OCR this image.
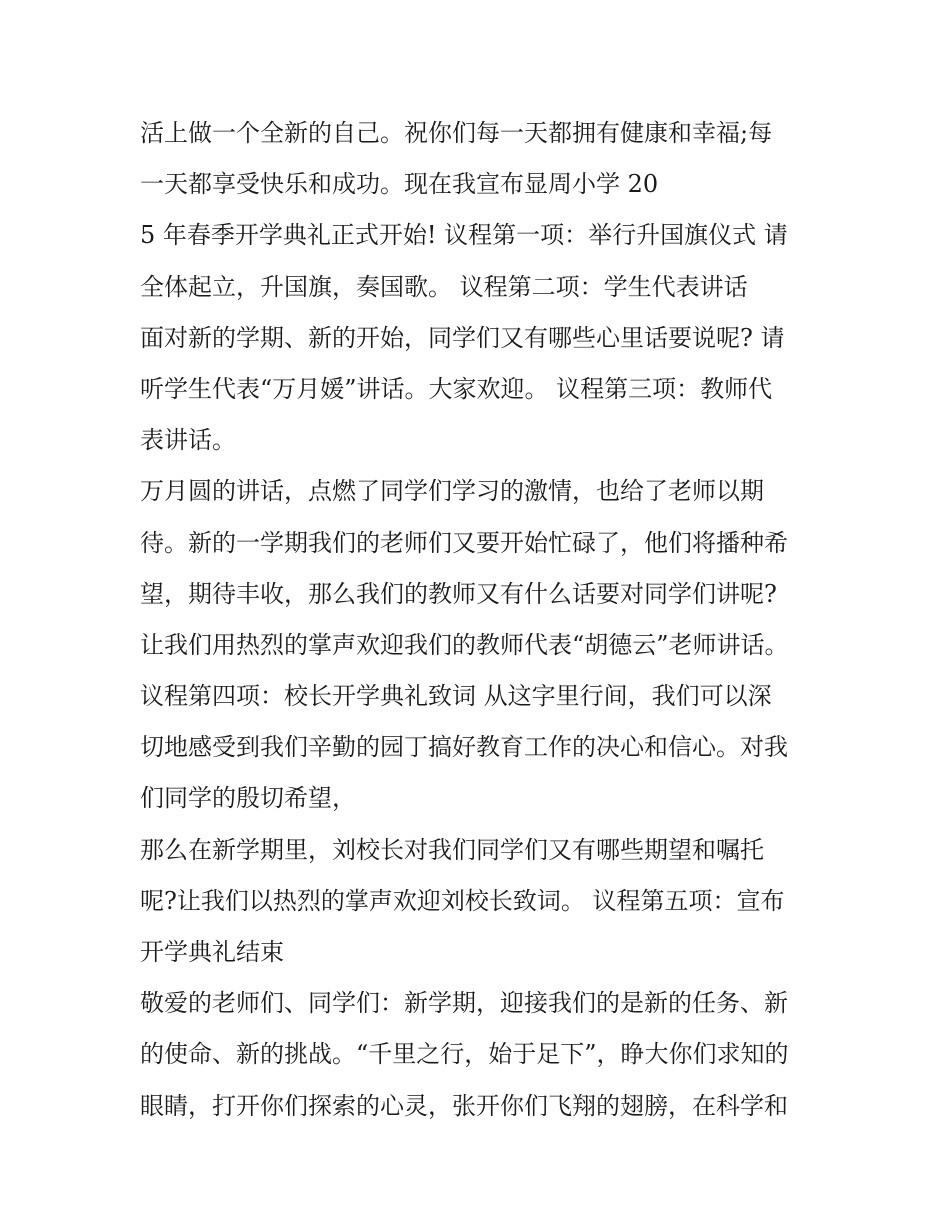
活上做一个全新的自己。祝你们每一天都拥有健康和幸福;每
一天都享受快乐和成功。现在我宣布显周小学 20
5 年春季开学典礼正式开始! 议程第一项：举行升国旗仪式 请
全体起立，升国旗，奏国歌。 议程第二项：学生代表讲话
面对新的学期、新的开始，同学们又有哪些心里话要说呢? 请
听学生代表“万月媛”讲话。大家欢迎。 议程第三项：教师代
表讲话。
万月圆的讲话，点燃了同学们学习的激情，也给了老师以期
待。新的一学期我们的老师们又要开始忙碌了，他们将播种希
望，期待丰收，那么我们的教师又有什么话要对同学们讲呢?
让我们用热烈的掌声欢迎我们的教师代表“胡德云”老师讲话。
议程第四项：校长开学典礼致词 从这字里行间，我们可以深
切地感受到我们辛勤的园丁搞好教育工作的决心和信心。对我
们同学的殷切希望，
那么在新学期里，刘校长对我们同学们又有哪些期望和嘱托
呢?让我们以热烈的掌声欢迎刘校长致词。 议程第五项：宣布
开学典礼结束
敬爱的老师们、同学们：新学期，迎接我们的是新的任务、新
的使命、新的挑战。“千里之行，始于足下”，睁大你们求知的
眼睛，打开你们探索的心灵，张开你们飞翔的翅膀，在科学和
